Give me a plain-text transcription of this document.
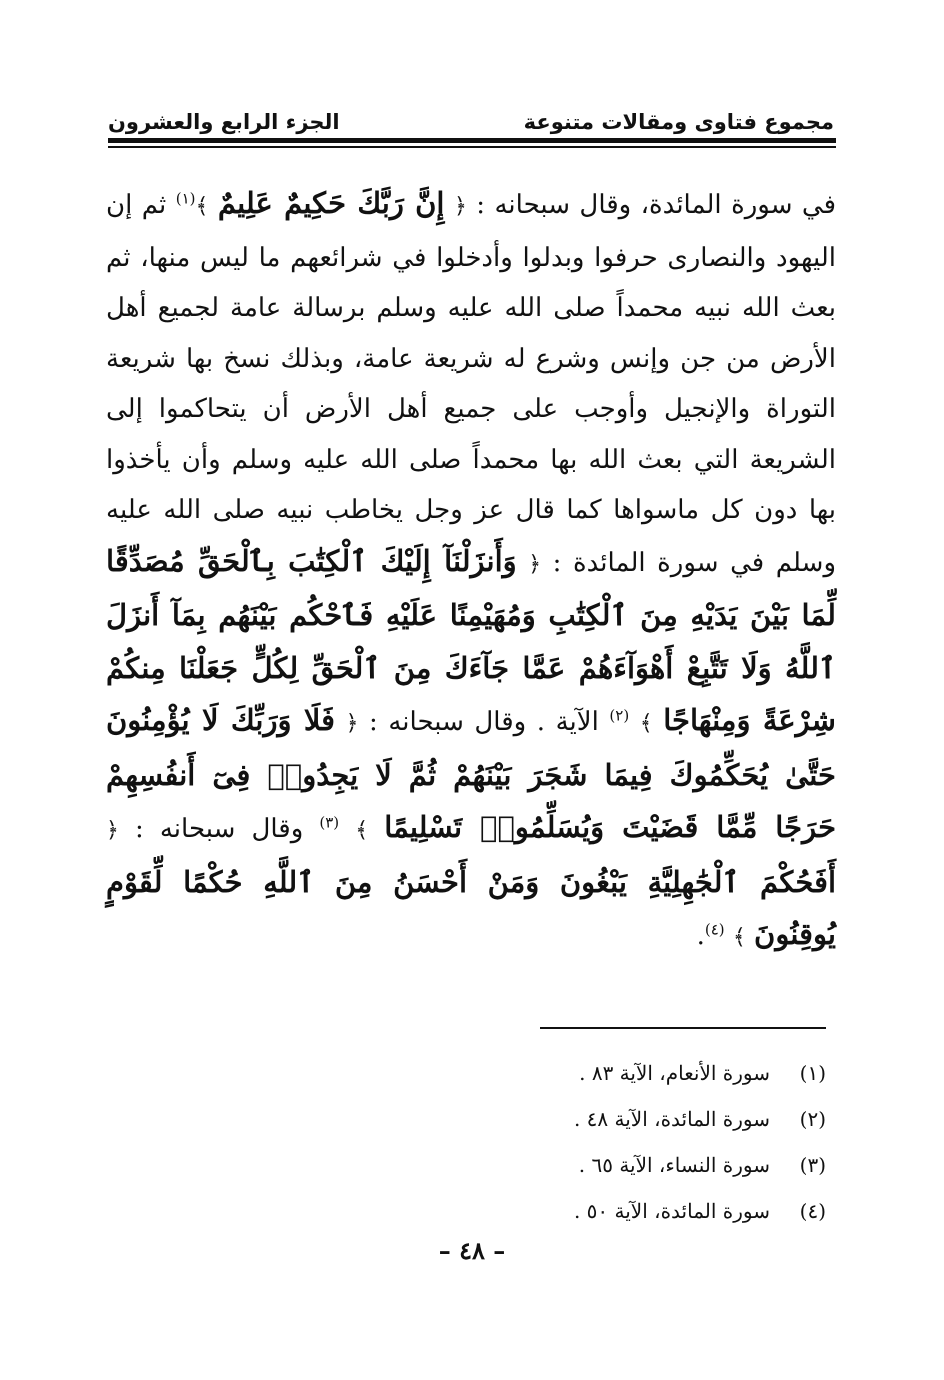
مجموع فتاوى ومقالات متنوعة
الجزء الرابع والعشرون

في سورة المائدة، وقال سبحانه : ﴿ إِنَّ رَبَّكَ حَكِيمٌ عَلِيمٌ ﴾$^{(١)}$ ثم إن اليهود والنصارى حرفوا وبدلوا وأدخلوا في شرائعهم ما ليس منها، ثم بعث الله نبيه محمداً صلى الله عليه وسلم برسالة عامة لجميع أهل الأرض من جن وإنس وشرع له شريعة عامة، وبذلك نسخ بها شريعة التوراة والإنجيل وأوجب على جميع أهل الأرض أن يتحاكموا إلى الشريعة التي بعث الله بها محمداً صلى الله عليه وسلم وأن يأخذوا بها دون كل ماسواها كما قال عز وجل يخاطب نبيه صلى الله عليه وسلم في سورة المائدة : ﴿ وَأَنزَلْنَآ إِلَيْكَ ٱلْكِتَٰبَ بِٱلْحَقِّ مُصَدِّقًا لِّمَا بَيْنَ يَدَيْهِ مِنَ ٱلْكِتَٰبِ وَمُهَيْمِنًا عَلَيْهِ فَٱحْكُم بَيْنَهُم بِمَآ أَنزَلَ ٱللَّهُ وَلَا تَتَّبِعْ أَهْوَآءَهُمْ عَمَّا جَآءَكَ مِنَ ٱلْحَقِّ لِكُلٍّ جَعَلْنَا مِنكُمْ شِرْعَةً وَمِنْهَاجًا ﴾ $^{(٢)}$ الآية . وقال سبحانه : ﴿ فَلَا وَرَبِّكَ لَا يُؤْمِنُونَ حَتَّىٰ يُحَكِّمُوكَ فِيمَا شَجَرَ بَيْنَهُمْ ثُمَّ لَا يَجِدُوا۟ فِىٓ أَنفُسِهِمْ حَرَجًا مِّمَّا قَضَيْتَ وَيُسَلِّمُوا۟ تَسْلِيمًا ﴾ $^{(٣)}$ وقال سبحانه : ﴿ أَفَحُكْمَ ٱلْجَٰهِلِيَّةِ يَبْغُونَ وَمَنْ أَحْسَنُ مِنَ ٱللَّهِ حُكْمًا لِّقَوْمٍ يُوقِنُونَ ﴾ $^{(٤)}$.

(١)
سورة الأنعام، الآية ٨٣ .
(٢)
سورة المائدة، الآية ٤٨ .
(٣)
سورة النساء، الآية ٦٥ .
(٤)
سورة المائدة، الآية ٥٠ .
– ٤٨ –
